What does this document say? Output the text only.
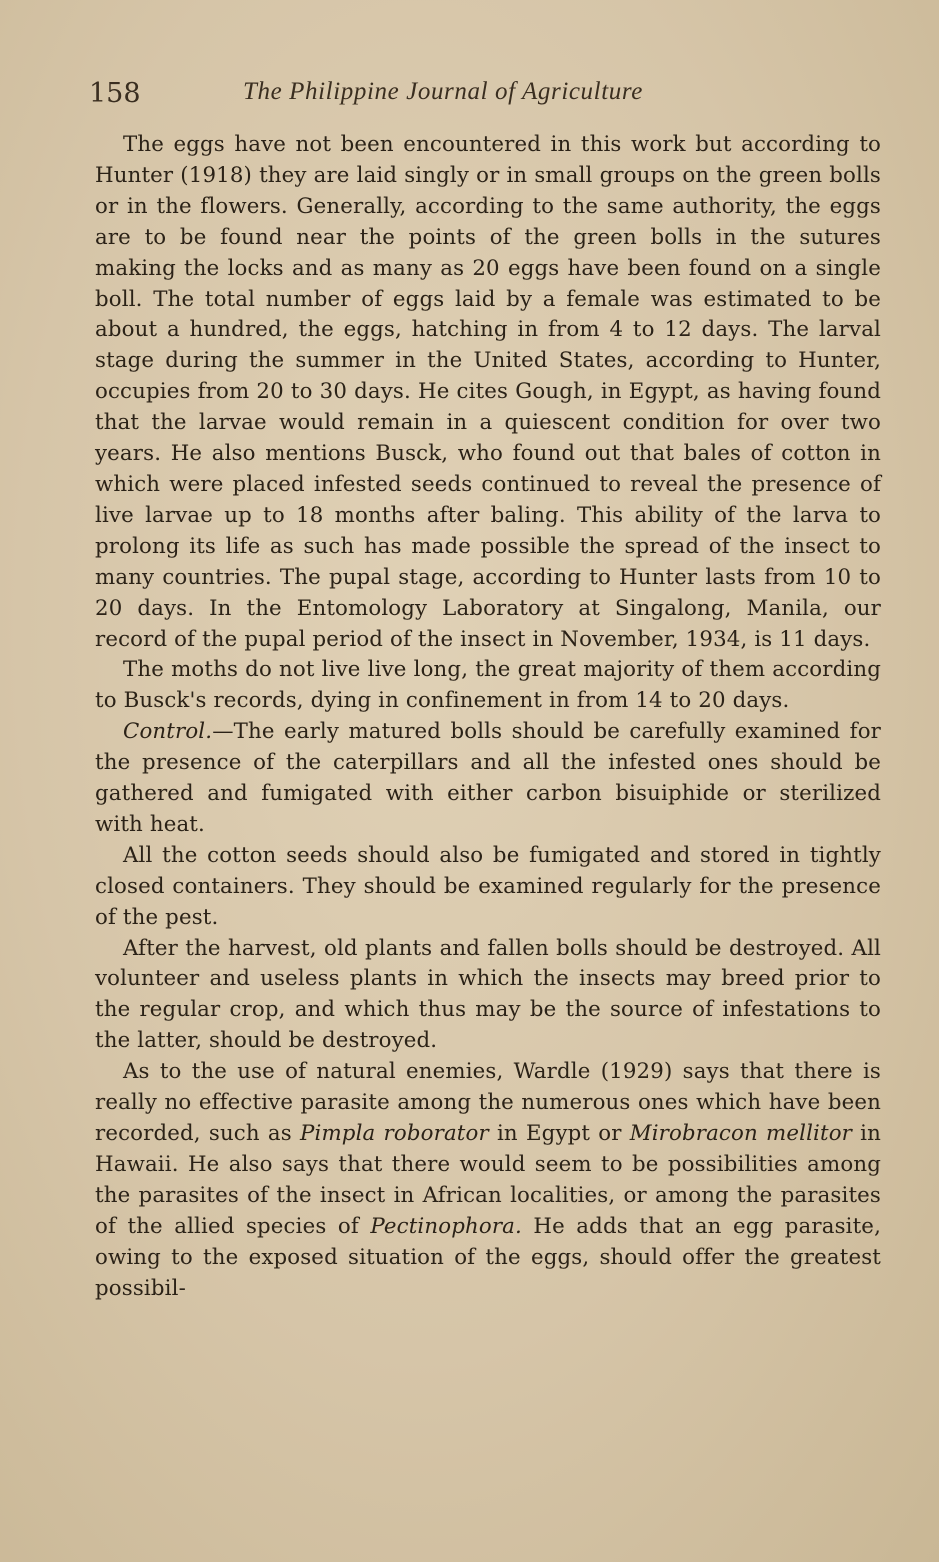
158	The Philippine Journal of Agriculture

The eggs have not been encountered in this work but according to Hunter (1918) they are laid singly or in small groups on the green bolls or in the flowers. Generally, according to the same authority, the eggs are to be found near the points of the green bolls in the sutures making the locks and as many as 20 eggs have been found on a single boll. The total number of eggs laid by a female was estimated to be about a hundred, the eggs, hatching in from 4 to 12 days. The larval stage during the summer in the United States, according to Hunter, occupies from 20 to 30 days. He cites Gough, in Egypt, as having found that the larvae would remain in a quiescent condition for over two years. He also mentions Busck, who found out that bales of cotton in which were placed infested seeds continued to reveal the presence of live larvae up to 18 months after baling. This ability of the larva to prolong its life as such has made possible the spread of the insect to many countries. The pupal stage, according to Hunter lasts from 10 to 20 days. In the Entomology Laboratory at Singalong, Manila, our record of the pupal period of the insect in November, 1934, is 11 days.

The moths do not live live long, the great majority of them according to Busck's records, dying in confinement in from 14 to 20 days.

Control.—The early matured bolls should be carefully examined for the presence of the caterpillars and all the infested ones should be gathered and fumigated with either carbon bisuiphide or sterilized with heat.

All the cotton seeds should also be fumigated and stored in tightly closed containers. They should be examined regularly for the presence of the pest.

After the harvest, old plants and fallen bolls should be destroyed. All volunteer and useless plants in which the insects may breed prior to the regular crop, and which thus may be the source of infestations to the latter, should be destroyed.

As to the use of natural enemies, Wardle (1929) says that there is really no effective parasite among the numerous ones which have been recorded, such as Pimpla roborator in Egypt or Mirobracon mellitor in Hawaii. He also says that there would seem to be possibilities among the parasites of the insect in African localities, or among the parasites of the allied species of Pectinophora. He adds that an egg parasite, owing to the exposed situation of the eggs, should offer the greatest possibil-
